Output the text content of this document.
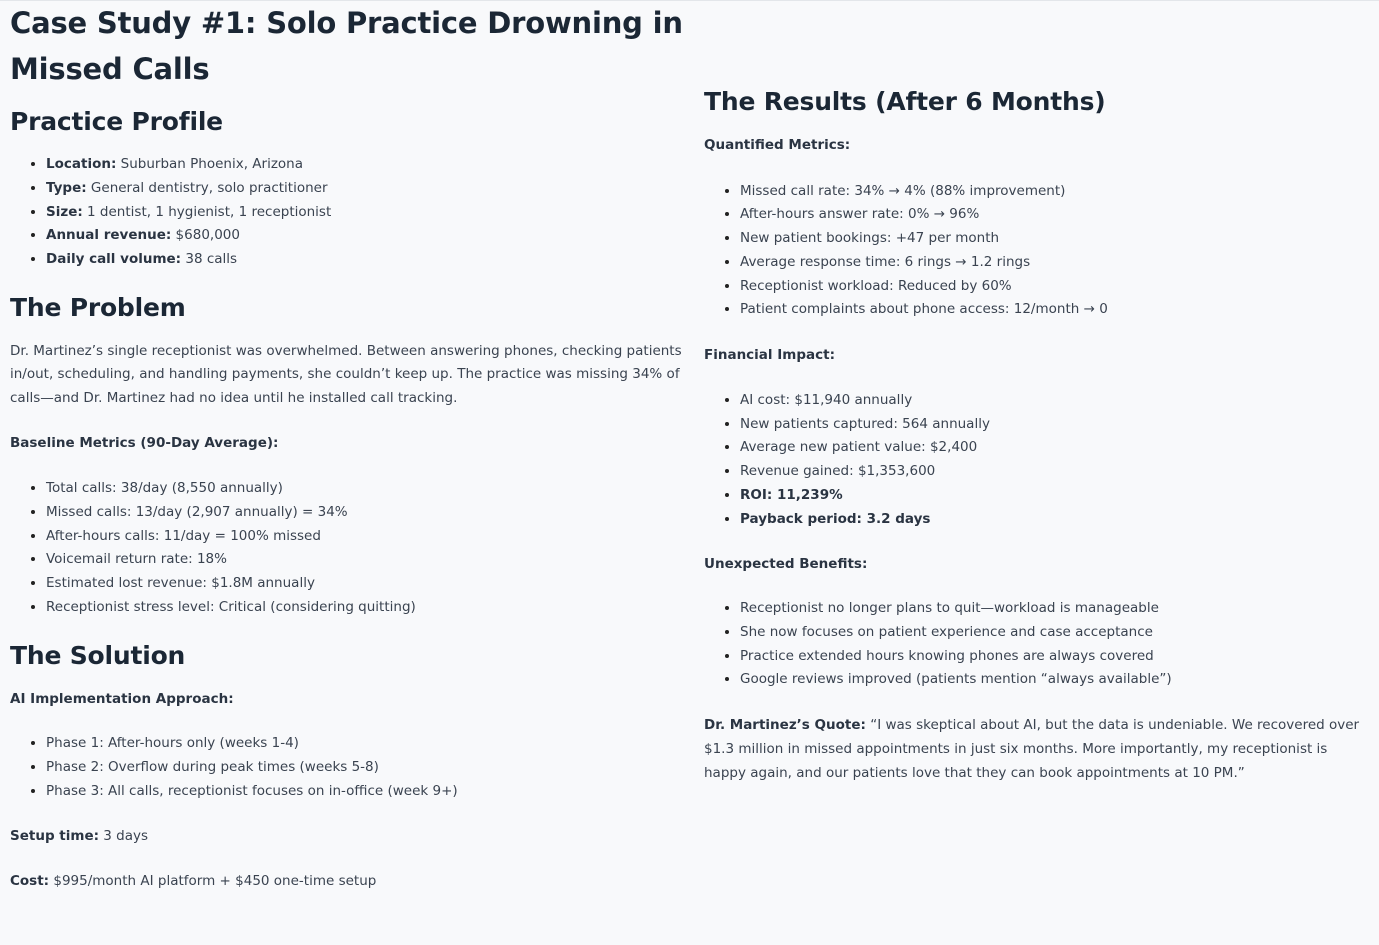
Case Study #1: Solo Practice Drowning in
Missed Calls
Practice Profile
• Location: Suburban Phoenix, Arizona
• Type: General dentistry, solo practitioner
• Size: 1 dentist, 1 hygienist, 1 receptionist
• Annual revenue: $680,000
• Daily call volume: 38 calls
The Problem

Dr. Martinez’s single receptionist was overwhelmed. Between answering phones, checking patients in/out, scheduling, and handling payments, she couldn’t keep up. The practice was missing 34% of calls—and Dr. Martinez had no idea until he installed call tracking.

Baseline Metrics (90-Day Average):

• Total calls: 38/day (8,550 annually)
• Missed calls: 13/day (2,907 annually) = 34%
• After-hours calls: 11/day = 100% missed
• Voicemail return rate: 18%
• Estimated lost revenue: $1.8M annually
• Receptionist stress level: Critical (considering quitting)
The Solution

AI Implementation Approach:

• Phase 1: After-hours only (weeks 1-4)
• Phase 2: Overflow during peak times (weeks 5-8)
• Phase 3: All calls, receptionist focuses on in-office (week 9+)

Setup time: 3 days

Cost: $995/month AI platform + $450 one-time setup

The Results (After 6 Months)

Quantified Metrics:

• Missed call rate: 34% → 4% (88% improvement)
• After-hours answer rate: 0% → 96%
• New patient bookings: +47 per month
• Average response time: 6 rings → 1.2 rings
• Receptionist workload: Reduced by 60%
• Patient complaints about phone access: 12/month → 0

Financial Impact:

• AI cost: $11,940 annually
• New patients captured: 564 annually
• Average new patient value: $2,400
• Revenue gained: $1,353,600
• ROI: 11,239%
• Payback period: 3.2 days

Unexpected Benefits:

• Receptionist no longer plans to quit—workload is manageable
• She now focuses on patient experience and case acceptance
• Practice extended hours knowing phones are always covered
• Google reviews improved (patients mention “always available”)

Dr. Martinez’s Quote: “I was skeptical about AI, but the data is undeniable. We recovered over $1.3 million in missed appointments in just six months. More importantly, my receptionist is happy again, and our patients love that they can book appointments at 10 PM.”
